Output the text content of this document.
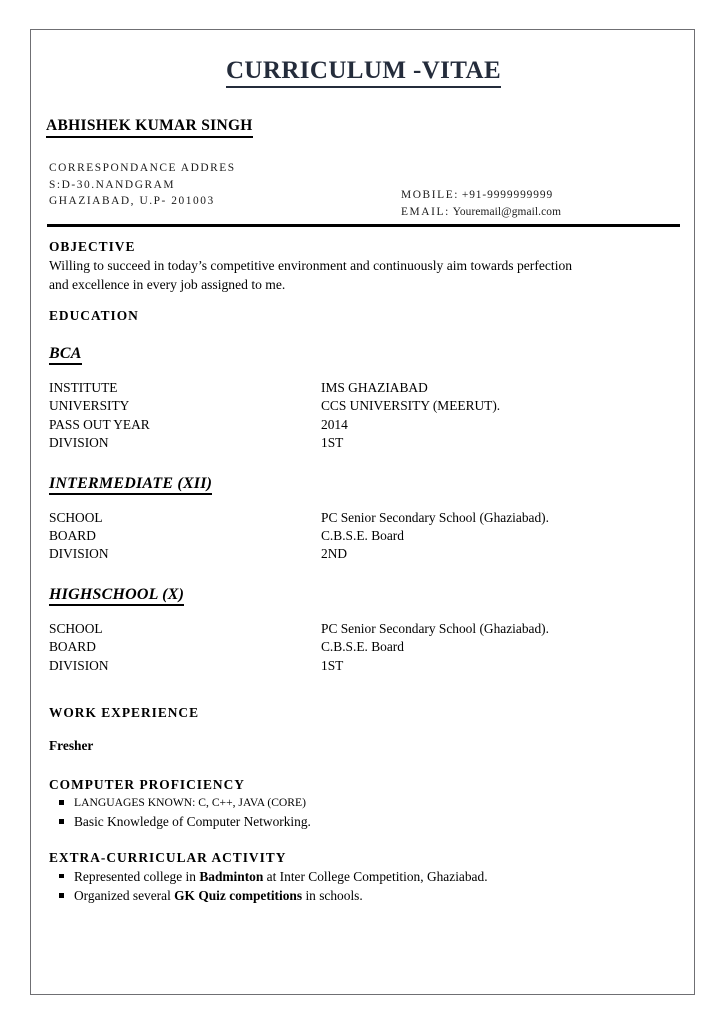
CURRICULUM -VITAE
ABHISHEK KUMAR SINGH
CORRESPONDANCE ADDRES
S:D-30.NANDGRAM
GHAZIABAD, U.P- 201003	MOBILE: +91-9999999999
EMAIL: Youremail@gmail.com
OBJECTIVE
Willing to succeed in today’s competitive environment and continuously aim towards perfection
and excellence in every job assigned to me.
EDUCATION
BCA
INSTITUTE	IMS GHAZIABAD
UNIVERSITY	CCS UNIVERSITY (MEERUT).
PASS OUT YEAR	2014
DIVISION	1ST
INTERMEDIATE (XII)
SCHOOL	PC Senior Secondary School (Ghaziabad).
BOARD	C.B.S.E. Board
DIVISION	2ND
HIGHSCHOOL (X)
SCHOOL	PC Senior Secondary School (Ghaziabad).
BOARD	C.B.S.E. Board
DIVISION	1ST
WORK EXPERIENCE
Fresher
COMPUTER PROFICIENCY
LANGUAGES KNOWN: C, C++, JAVA (CORE)
Basic Knowledge of Computer Networking.
EXTRA-CURRICULAR ACTIVITY
Represented college in Badminton at Inter College Competition, Ghaziabad.
Organized several GK Quiz competitions in schools.
